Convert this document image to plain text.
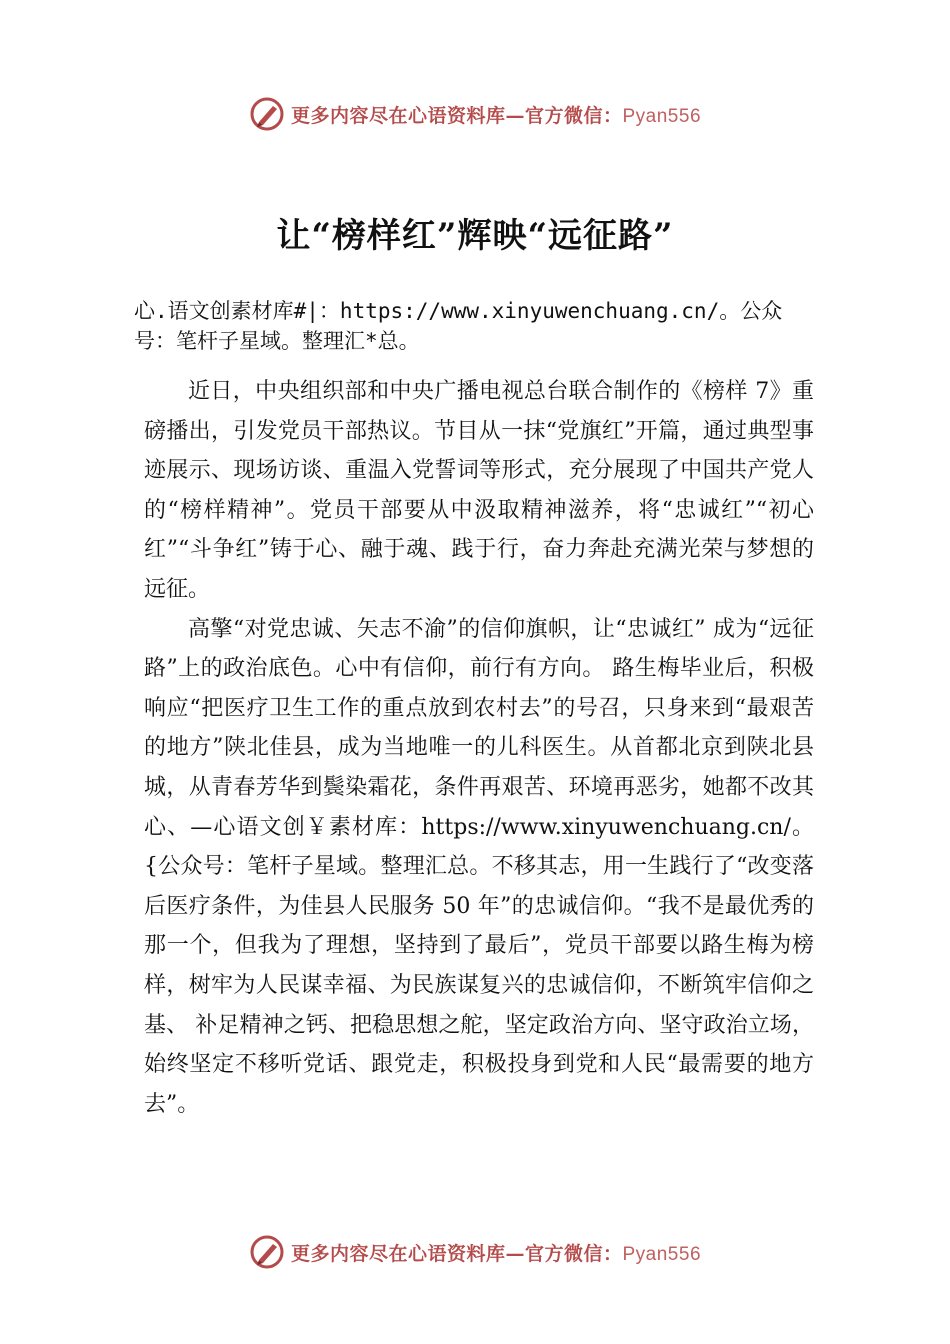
更多内容尽在心语资料库—官方微信：Pyan556
让“榜样红”辉映“远征路”
心.语文创素材库#|：https://www.xinyuwenchuang.cn/。公众号：笔杆子星域。整理汇*总。

近日，中央组织部和中央广播电视总台联合制作的《榜样 7》重磅播出，引发党员干部热议。节目从一抹“党旗红”开篇，通过典型事迹展示、现场访谈、重温入党誓词等形式，充分展现了中国共产党人的“榜样精神”。党员干部要从中汲取精神滋养，将“忠诚红”“初心红”“斗争红”铸于心、融于魂、践于行，奋力奔赴充满光荣与梦想的远征。

高擎“对党忠诚、矢志不渝”的信仰旗帜，让“忠诚红” 成为“远征路”上的政治底色。心中有信仰，前行有方向。 路生梅毕业后，积极响应“把医疗卫生工作的重点放到农村去”的号召，只身来到“最艰苦的地方”陕北佳县，成为当地唯一的儿科医生。从首都北京到陕北县城，从青春芳华到鬓染霜花，条件再艰苦、环境再恶劣，她都不改其心、—心语文创￥素材库：https://www.xinyuwenchuang.cn/。{公众号：笔杆子星域。整理汇总。不移其志，用一生践行了“改变落后医疗条件，为佳县人民服务 50 年”的忠诚信仰。“我不是最优秀的那一个，但我为了理想，坚持到了最后”，党员干部要以路生梅为榜样，树牢为人民谋幸福、为民族谋复兴的忠诚信仰，不断筑牢信仰之基、 补足精神之钙、把稳思想之舵，坚定政治方向、坚守政治立场，始终坚定不移听党话、跟党走，积极投身到党和人民“最需要的地方去”。

更多内容尽在心语资料库—官方微信：Pyan556
